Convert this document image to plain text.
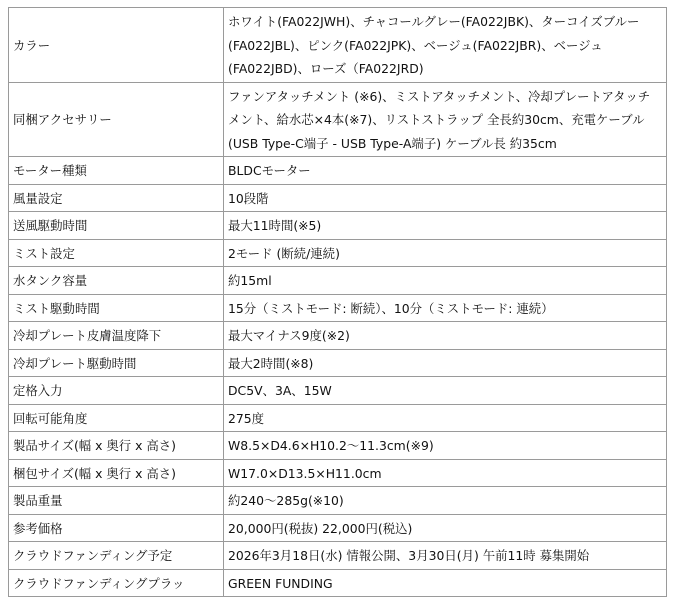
カラー	ホワイト(FA022JWH)、チャコールグレー(FA022JBK)、ターコイズブルー(FA022JBL)、ピンク(FA022JPK)、ベージュ(FA022JBR)、ベージュ(FA022JBD)、ローズ（FA022JRD)
同梱アクセサリー	ファンアタッチメント (※6)、ミストアタッチメント、冷却プレートアタッチメント、給水芯×4本(※7)、リストストラップ 全長約30cm、充電ケーブル (USB Type-C端子 - USB Type-A端子) ケーブル長 約35cm
モーター種類	BLDCモーター
風量設定	10段階
送風駆動時間	最大11時間(※5)
ミスト設定	2モード (断続/連続)
水タンク容量	約15ml
ミスト駆動時間	15分（ミストモード: 断続）、10分（ミストモード: 連続）
冷却プレート皮膚温度降下	最大マイナス9度(※2)
冷却プレート駆動時間	最大2時間(※8)
定格入力	DC5V、3A、15W
回転可能角度	275度
製品サイズ(幅 x 奥行 x 高さ)	W8.5×D4.6×H10.2～11.3cm(※9)
梱包サイズ(幅 x 奥行 x 高さ)	W17.0×D13.5×H11.0cm
製品重量	約240～285g(※10)
参考価格	20,000円(税抜) 22,000円(税込)
クラウドファンディング予定	2026年3月18日(水) 情報公開、3月30日(月) 午前11時 募集開始
クラウドファンディングプラッ	GREEN FUNDING
